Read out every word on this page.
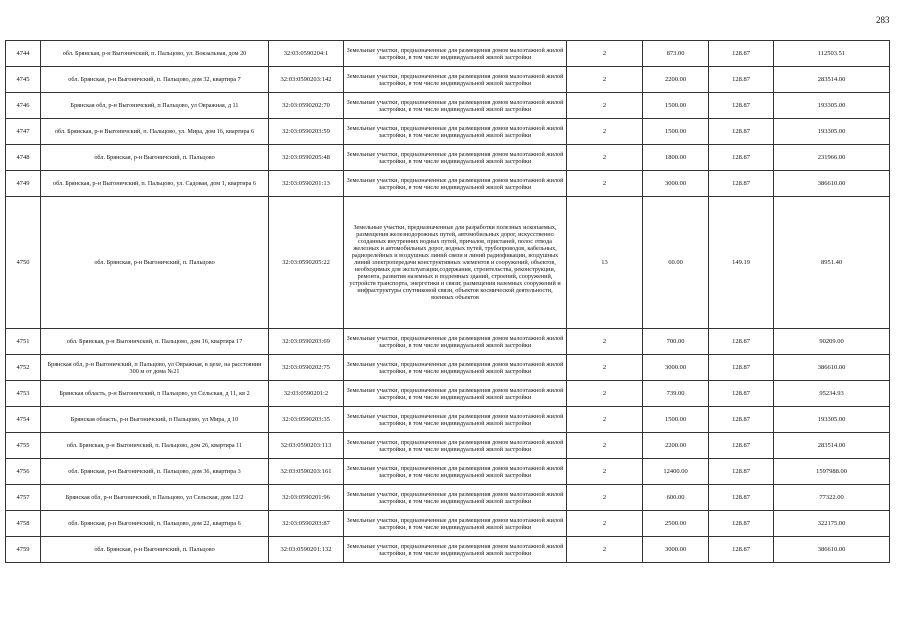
283
4744	обл. Брянская, р-н Выгоничский, п. Пальцово, ул. Вокзальная, дом 20	32:03:0590204:1	Земельные участки, предназначенные для размещения домов малоэтажной жилой застройки, в том числе индивидуальной жилой застройки	2	873.00	128.87	112503.51
4745	обл. Брянская, р-н Выгоничский, п. Пальцово, дом 32, квартира 7	32:03:0590203:142	Земельные участки, предназначенные для размещения домов малоэтажной жилой застройки, в том числе индивидуальной жилой застройки	2	2200.00	128.87	283514.00
4746	Брянская обл, р-н Выгоничский, п Пальцово, ул Овражная, д 11	32:03:0590202:70	Земельные участки, предназначенные для размещения домов малоэтажной жилой застройки, в том числе индивидуальной жилой застройки	2	1500.00	128.87	193305.00
4747	обл. Брянская, р-н Выгоничский, п. Пальцово, ул. Мира, дом 16, квартира 6	32:03:0590203:59	Земельные участки, предназначенные для размещения домов малоэтажной жилой застройки, в том числе индивидуальной жилой застройки	2	1500.00	128.87	193305.00
4748	обл. Брянская, р-н Выгоничский, п. Пальцово	32:03:0590205:48	Земельные участки, предназначенные для размещения домов малоэтажной жилой застройки, в том числе индивидуальной жилой застройки	2	1800.00	128.87	231966.00
4749	обл. Брянская, р-н Выгоничский, п. Пальцово, ул. Садовая, дом 1, квартира 6	32:03:0590201:13	Земельные участки, предназначенные для размещения домов малоэтажной жилой застройки, в том числе индивидуальной жилой застройки	2	3000.00	128.87	386610.00
4750	обл. Брянская, р-н Выгоничский, п. Пальцово	32:03:0590205:22	Земельные участки, предназначенные для разработки полезных ископаемых, размещения железнодорожных путей, автомобильных дорог, искусственно созданных внутренних водных путей, причалов, пристаней, полос отвода железных и автомобильных дорог, водных путей, трубопроводов, кабельных, радиорелейных и воздушных линий связи и линий радиофикации, воздушных линий электропередачи конструктивных элементов и сооружений, объектов, необходимых для эксплуатации,содержания, строительства, реконструкции, ремонта, развития наземных и подземных зданий, строений, сооружений, устройств транспорта, энергетики и связи; размещения наземных сооружений и инфраструктуры спутниковой связи, объектов космической деятельности, военных объектов	13	60.00	149.19	8951.40
4751	обл. Брянская, р-н Выгоничский, п. Пальцово, дом 16, квартира 17	32:03:0590203:69	Земельные участки, предназначенные для размещения домов малоэтажной жилой застройки, в том числе индивидуальной жилой застройки	2	700.00	128.87	90209.00
4752	Брянская обл, р-н Выгоничский, п Пальцово, ул Овражная, в цехе, на расстоянии 300 м от дома №21	32:03:0590202:75	Земельные участки, предназначенные для размещения домов малоэтажной жилой застройки, в том числе индивидуальной жилой застройки	2	3000.00	128.87	386610.00
4753	Брянская область, р-н Выгоничский, п Пальцово, ул Сельская, д 11, кв 2	32:03:0590201:2	Земельные участки, предназначенные для размещения домов малоэтажной жилой застройки, в том числе индивидуальной жилой застройки	2	739.00	128.87	95234.93
4754	Брянская область, р-н Выгоничский, п Пальцово, ул Мира, д 10	32:03:0590203:35	Земельные участки, предназначенные для размещения домов малоэтажной жилой застройки, в том числе индивидуальной жилой застройки	2	1500.00	128.87	193305.00
4755	обл. Брянская, р-н Выгоничский, п. Пальцово, дом 26, квартира 11	32:03:0590203:113	Земельные участки, предназначенные для размещения домов малоэтажной жилой застройки, в том числе индивидуальной жилой застройки	2	2200.00	128.87	283514.00
4756	обл. Брянская, р-н Выгоничский, п. Пальцово, дом 36, квартира 3	32:03:0590203:161	Земельные участки, предназначенные для размещения домов малоэтажной жилой застройки, в том числе индивидуальной жилой застройки	2	12400.00	128.87	1597988.00
4757	Брянская обл, р-н Выгоничский, п Пальцово, ул Сельская, дом 12/2	32:03:0590201:96	Земельные участки, предназначенные для размещения домов малоэтажной жилой застройки, в том числе индивидуальной жилой застройки	2	600.00	128.87	77322.00
4758	обл. Брянская, р-н Выгоничский, п. Пальцово, дом 22, квартира 6	32:03:0590203:87	Земельные участки, предназначенные для размещения домов малоэтажной жилой застройки, в том числе индивидуальной жилой застройки	2	2500.00	128.87	322175.00
4759	обл. Брянская, р-н Выгоничский, п. Пальцово	32:03:0590201:132	Земельные участки, предназначенные для размещения домов малоэтажной жилой застройки, в том числе индивидуальной жилой застройки	2	3000.00	128.87	386610.00
